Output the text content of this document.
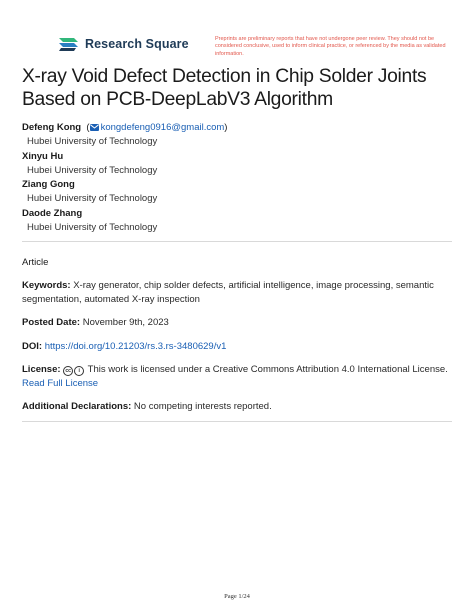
Research Square	Preprints are preliminary reports that have not undergone peer review. They should not be considered conclusive, used to inform clinical practice, or referenced by the media as validated information.
X-ray Void Defect Detection in Chip Solder Joints Based on PCB-DeepLabV3 Algorithm
Defeng Kong  ( kongdefeng0916@gmail.com)
Hubei University of Technology
Xinyu Hu
Hubei University of Technology
Ziang Gong
Hubei University of Technology
Daode Zhang
Hubei University of Technology
Article
Keywords: X-ray generator, chip solder defects, artificial intelligence, image processing, semantic segmentation, automated X-ray inspection
Posted Date: November 9th, 2023
DOI: https://doi.org/10.21203/rs.3.rs-3480629/v1
License: cc i This work is licensed under a Creative Commons Attribution 4.0 International License.
Read Full License
Additional Declarations: No competing interests reported.
Page 1/24
